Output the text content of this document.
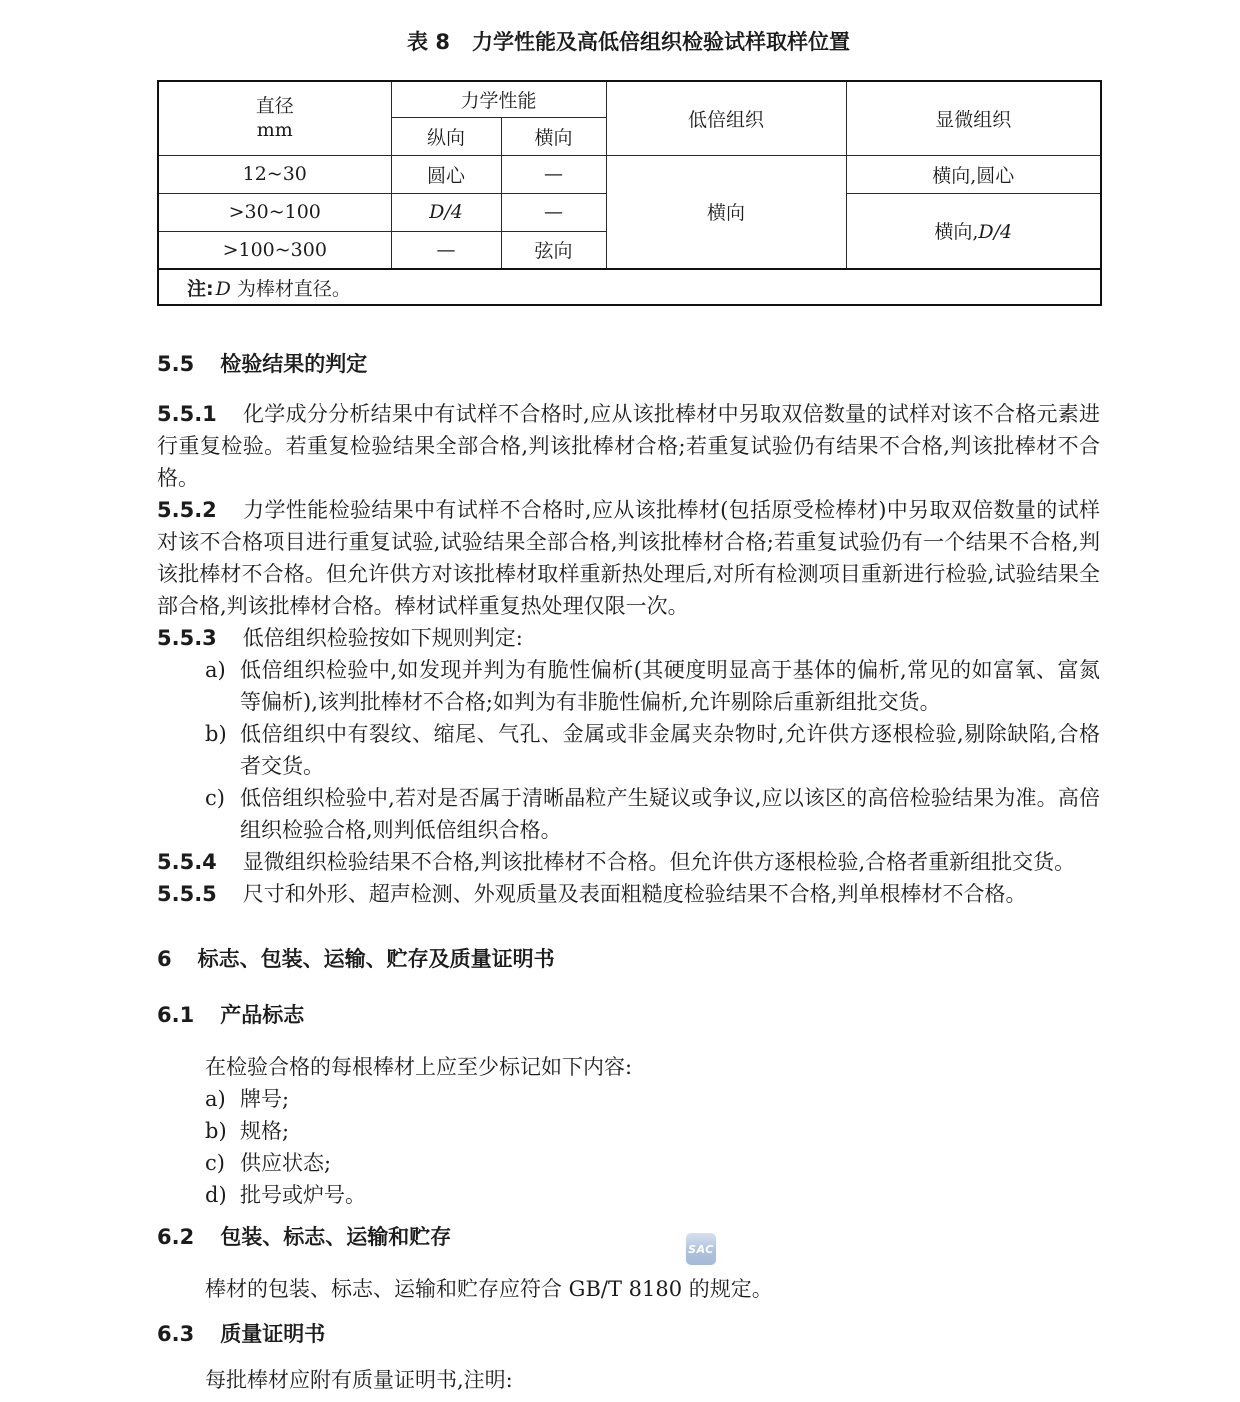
表 8 力学性能及高低倍组织检验试样取样位置
直径
mm	力学性能		低倍组织	显微组织
	纵向	横向		
12~30	圆心	—	横向	横向,圆心
>30~100	D/4	—		横向,D/4
>100~300	—	弦向		
注: D 为棒材直径。				
5.5 检验结果的判定

5.5.1 化学成分分析结果中有试样不合格时,应从该批棒材中另取双倍数量的试样对该不合格元素进行重复检验。若重复检验结果全部合格,判该批棒材合格;若重复试验仍有结果不合格,判该批棒材不合格。

5.5.2 力学性能检验结果中有试样不合格时,应从该批棒材(包括原受检棒材)中另取双倍数量的试样对该不合格项目进行重复试验,试验结果全部合格,判该批棒材合格;若重复试验仍有一个结果不合格,判该批棒材不合格。但允许供方对该批棒材取样重新热处理后,对所有检测项目重新进行检验,试验结果全部合格,判该批棒材合格。棒材试样重复热处理仅限一次。

5.5.3 低倍组织检验按如下规则判定:

a) 低倍组织检验中,如发现并判为有脆性偏析(其硬度明显高于基体的偏析,常见的如富氧、富氮等偏析),该判批棒材不合格;如判为有非脆性偏析,允许剔除后重新组批交货。
b) 低倍组织中有裂纹、缩尾、气孔、金属或非金属夹杂物时,允许供方逐根检验,剔除缺陷,合格者交货。
c) 低倍组织检验中,若对是否属于清晰晶粒产生疑议或争议,应以该区的高倍检验结果为准。高倍组织检验合格,则判低倍组织合格。

5.5.4 显微组织检验结果不合格,判该批棒材不合格。但允许供方逐根检验,合格者重新组批交货。

5.5.5 尺寸和外形、超声检测、外观质量及表面粗糙度检验结果不合格,判单根棒材不合格。

6 标志、包装、运输、贮存及质量证明书
6.1 产品标志

在检验合格的每根棒材上应至少标记如下内容:

a) 牌号;
b) 规格;
c) 供应状态;
d) 批号或炉号。
6.2 包装、标志、运输和贮存

棒材的包装、标志、运输和贮存应符合 GB/T 8180 的规定。

6.3 质量证明书

每批棒材应附有质量证明书,注明:

SAC
